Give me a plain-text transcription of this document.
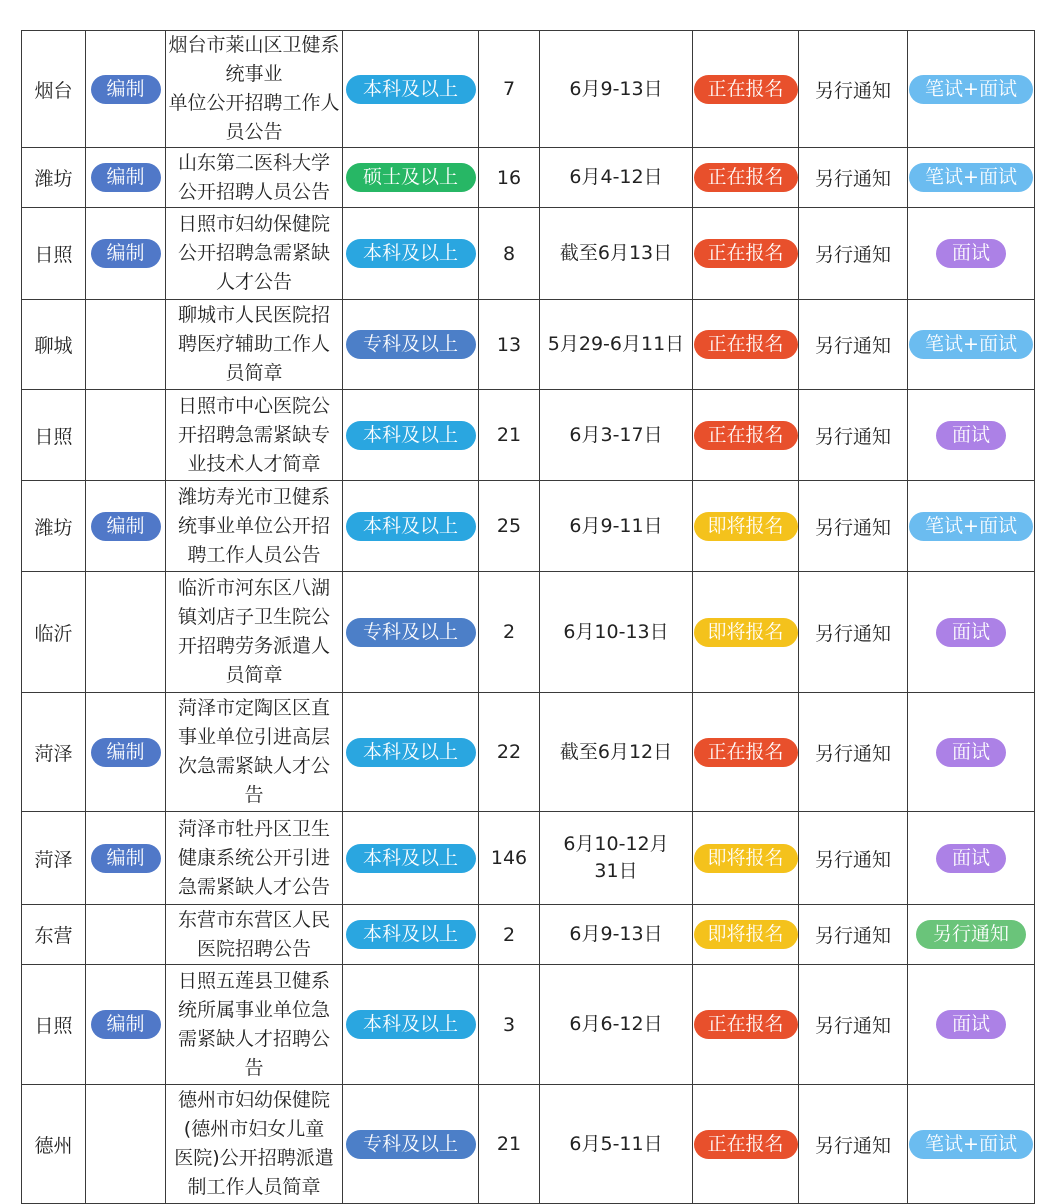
烟台	编制	烟台市莱山区卫健系统事业
单位公开招聘工作人员公告	本科及以上	7	6月9-13日	正在报名	另行通知	笔试+面试
潍坊	编制	山东第二医科大学
公开招聘人员公告	硕士及以上	16	6月4-12日	正在报名	另行通知	笔试+面试
日照	编制	日照市妇幼保健院
公开招聘急需紧缺
人才公告	本科及以上	8	截至6月13日	正在报名	另行通知	面试
聊城		聊城市人民医院招
聘医疗辅助工作人
员简章	专科及以上	13	5月29-6月11日	正在报名	另行通知	笔试+面试
日照		日照市中心医院公
开招聘急需紧缺专
业技术人才简章	本科及以上	21	6月3-17日	正在报名	另行通知	面试
潍坊	编制	潍坊寿光市卫健系
统事业单位公开招
聘工作人员公告	本科及以上	25	6月9-11日	即将报名	另行通知	笔试+面试
临沂		临沂市河东区八湖
镇刘店子卫生院公
开招聘劳务派遣人
员简章	专科及以上	2	6月10-13日	即将报名	另行通知	面试
菏泽	编制	菏泽市定陶区区直
事业单位引进高层
次急需紧缺人才公
告	本科及以上	22	截至6月12日	正在报名	另行通知	面试
菏泽	编制	菏泽市牡丹区卫生
健康系统公开引进
急需紧缺人才公告	本科及以上	146	6月10-12月
31日	即将报名	另行通知	面试
东营		东营市东营区人民
医院招聘公告	本科及以上	2	6月9-13日	即将报名	另行通知	另行通知
日照	编制	日照五莲县卫健系
统所属事业单位急
需紧缺人才招聘公
告	本科及以上	3	6月6-12日	正在报名	另行通知	面试
德州		德州市妇幼保健院
(德州市妇女儿童
医院)公开招聘派遣
制工作人员简章	专科及以上	21	6月5-11日	正在报名	另行通知	笔试+面试
